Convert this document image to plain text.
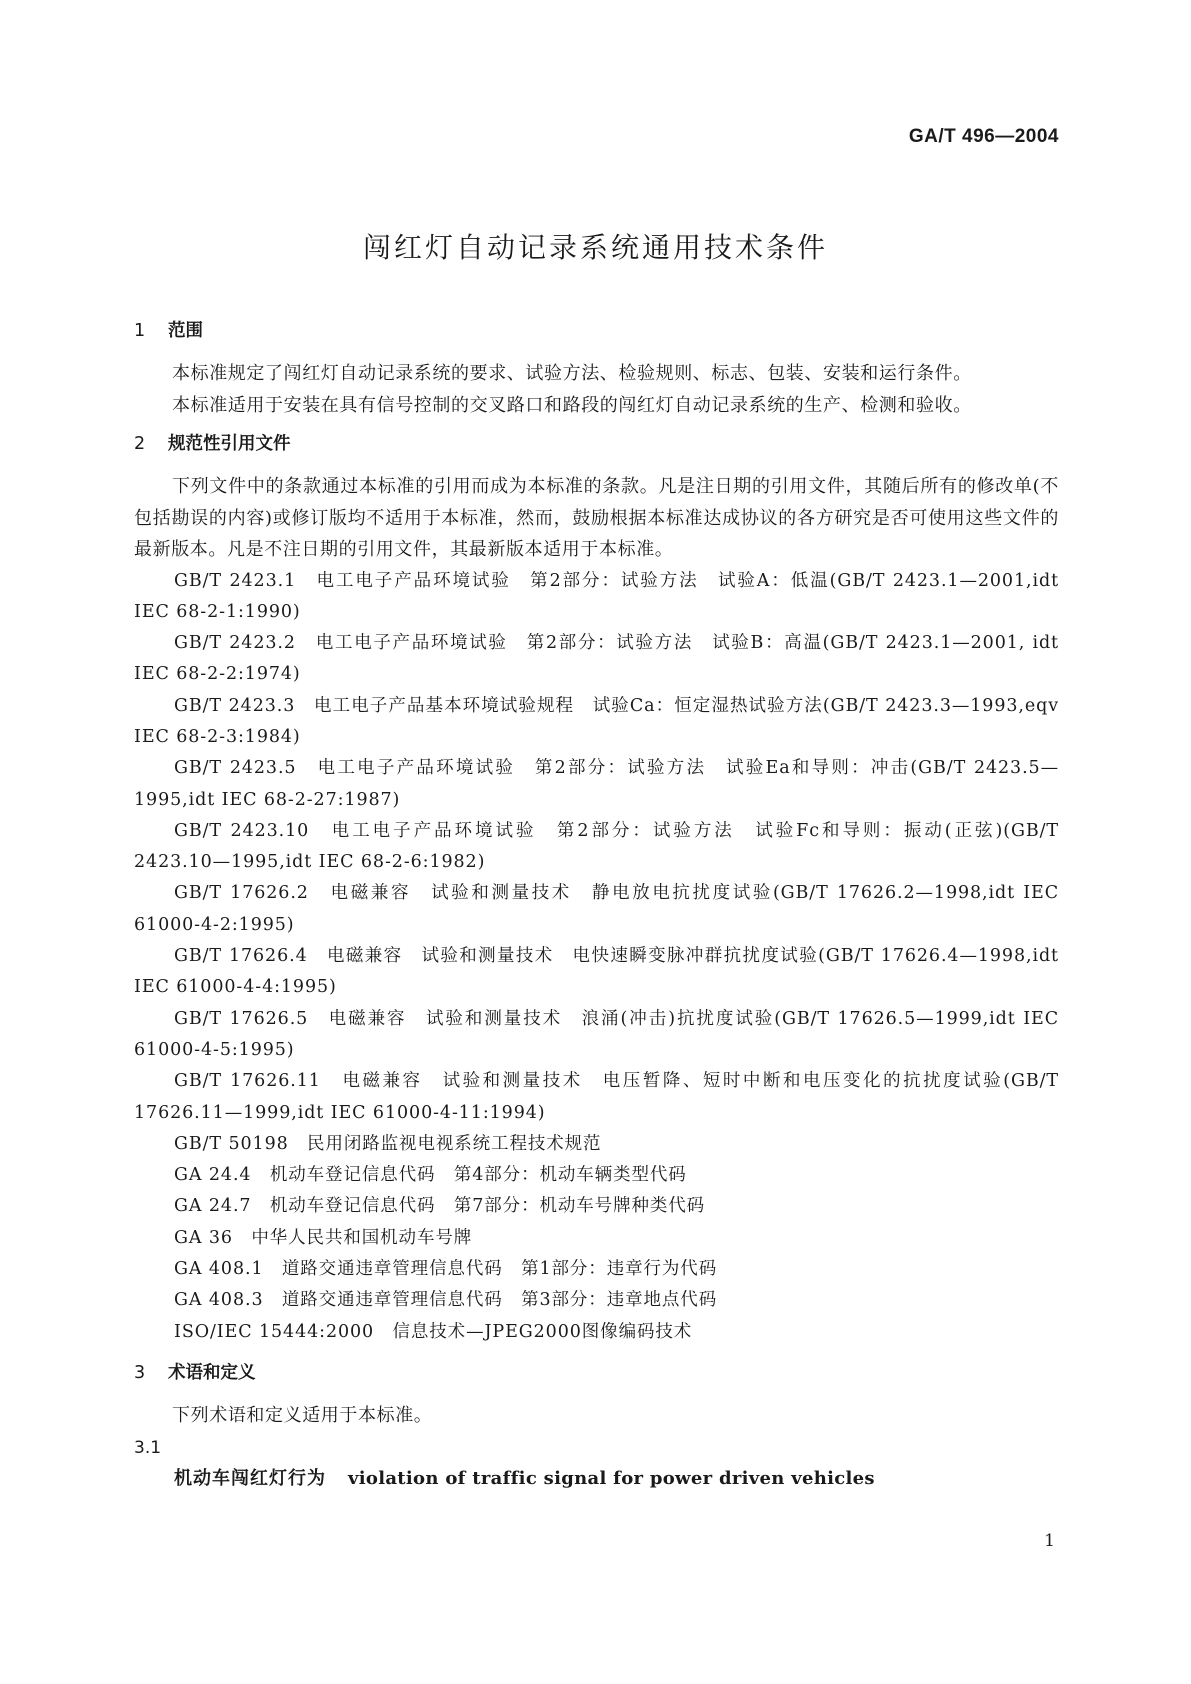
GA/T 496—2004
闯红灯自动记录系统通用技术条件
1 范围

本标准规定了闯红灯自动记录系统的要求、试验方法、检验规则、标志、包装、安装和运行条件。

本标准适用于安装在具有信号控制的交叉路口和路段的闯红灯自动记录系统的生产、检测和验收。

2 规范性引用文件

下列文件中的条款通过本标准的引用而成为本标准的条款。凡是注日期的引用文件，其随后所有的修改单(不包括勘误的内容)或修订版均不适用于本标准，然而，鼓励根据本标准达成协议的各方研究是否可使用这些文件的最新版本。凡是不注日期的引用文件，其最新版本适用于本标准。

GB/T 2423.1　电工电子产品环境试验　第2部分：试验方法　试验A：低温(GB/T 2423.1—2001,idt IEC 68-2-1:1990)

GB/T 2423.2　电工电子产品环境试验　第2部分：试验方法　试验B：高温(GB/T 2423.1—2001, idt IEC 68-2-2:1974)

GB/T 2423.3　电工电子产品基本环境试验规程　试验Ca：恒定湿热试验方法(GB/T 2423.3—1993,eqv IEC 68-2-3:1984)

GB/T 2423.5　电工电子产品环境试验　第2部分：试验方法　试验Ea和导则：冲击(GB/T 2423.5—1995,idt IEC 68-2-27:1987)

GB/T 2423.10　电工电子产品环境试验　第2部分：试验方法　试验Fc和导则：振动(正弦)(GB/T 2423.10—1995,idt IEC 68-2-6:1982)

GB/T 17626.2　电磁兼容　试验和测量技术　静电放电抗扰度试验(GB/T 17626.2—1998,idt IEC 61000-4-2:1995)

GB/T 17626.4　电磁兼容　试验和测量技术　电快速瞬变脉冲群抗扰度试验(GB/T 17626.4—1998,idt IEC 61000-4-4:1995)

GB/T 17626.5　电磁兼容　试验和测量技术　浪涌(冲击)抗扰度试验(GB/T 17626.5—1999,idt IEC 61000-4-5:1995)

GB/T 17626.11　电磁兼容　试验和测量技术　电压暂降、短时中断和电压变化的抗扰度试验(GB/T 17626.11—1999,idt IEC 61000-4-11:1994)

GB/T 50198　民用闭路监视电视系统工程技术规范

GA 24.4　机动车登记信息代码　第4部分：机动车辆类型代码

GA 24.7　机动车登记信息代码　第7部分：机动车号牌种类代码

GA 36　中华人民共和国机动车号牌

GA 408.1　道路交通违章管理信息代码　第1部分：违章行为代码

GA 408.3　道路交通违章管理信息代码　第3部分：违章地点代码

ISO/IEC 15444:2000　信息技术—JPEG2000图像编码技术

3 术语和定义

下列术语和定义适用于本标准。

3.1
机动车闯红灯行为 violation of traffic signal for power driven vehicles
1
